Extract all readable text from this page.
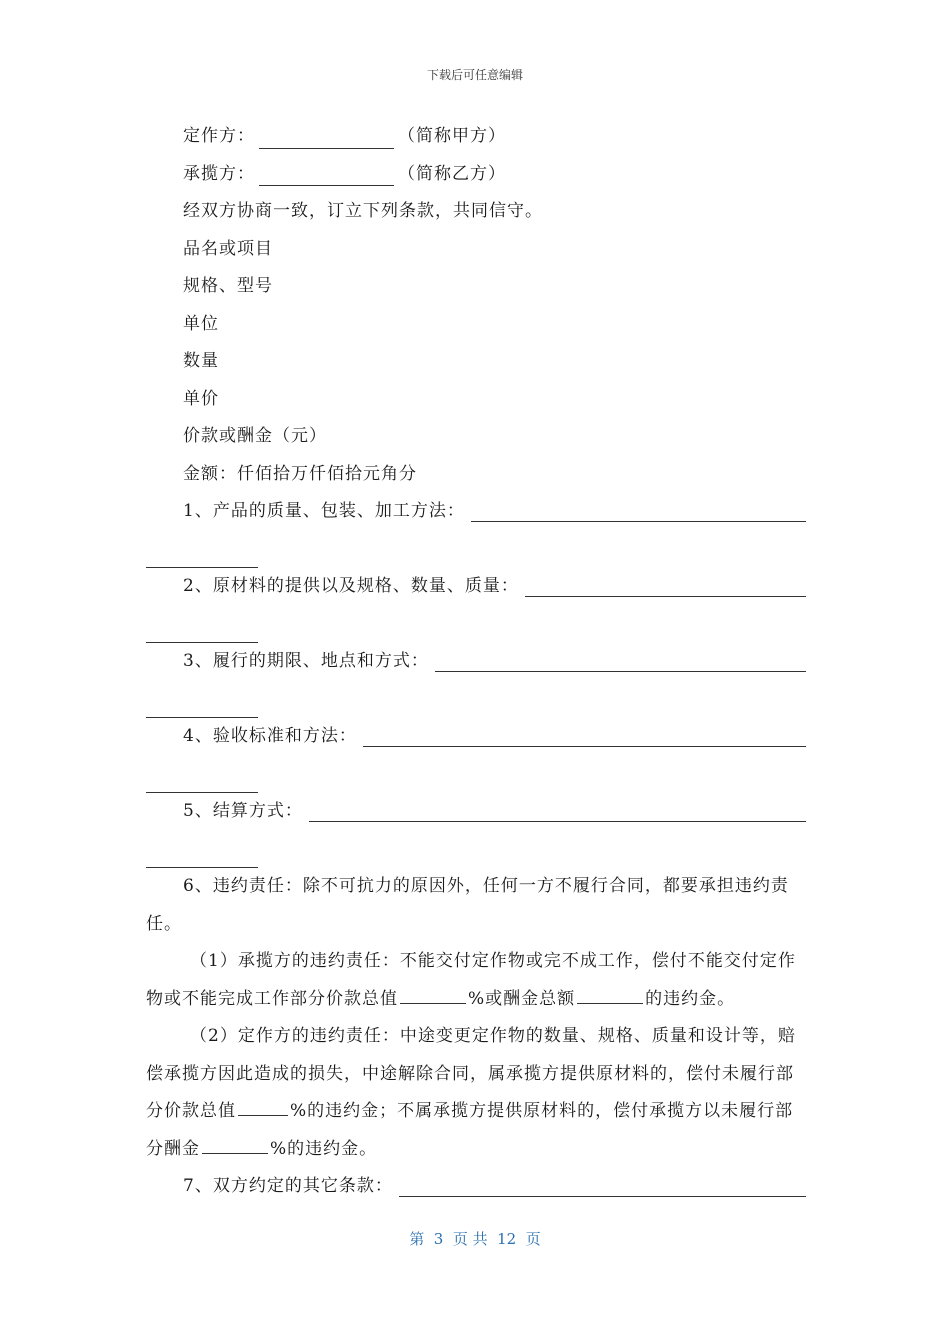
下载后可任意编辑
定作方：	（简称甲方）
承揽方：	（简称乙方）
经双方协商一致，订立下列条款，共同信守。
品名或项目
规格、型号
单位
数量
单价
价款或酬金（元）
金额：仟佰拾万仟佰拾元角分
1、产品的质量、包装、加工方法：
2、原材料的提供以及规格、数量、质量：
3、履行的期限、地点和方式：
4、验收标准和方法：
5、结算方式：
6、违约责任：除不可抗力的原因外，任何一方不履行合同，都要承担违约责任。
（1）承揽方的违约责任：不能交付定作物或完不成工作，偿付不能交付定作物或不能完成工作部分价款总值	%或酬金总额	的违约金。
（2）定作方的违约责任：中途变更定作物的数量、规格、质量和设计等，赔偿承揽方因此造成的损失，中途解除合同，属承揽方提供原材料的，偿付未履行部分价款总值	%的违约金；不属承揽方提供原材料的，偿付承揽方以未履行部分酬金	%的违约金。
7、双方约定的其它条款：
第  3  页 共  12  页
